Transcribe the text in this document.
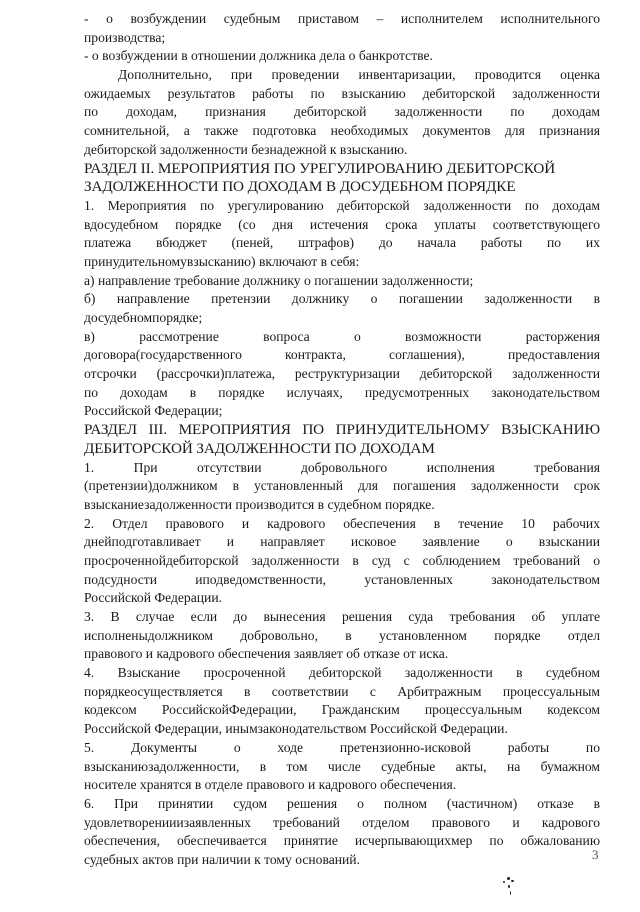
- о возбуждении судебным приставом – исполнителем исполнительного
производства;
- о возбуждении в отношении должника дела о банкротстве.
Дополнительно, при проведении инвентаризации, проводится оценка
ожидаемых результатов работы по взысканию дебиторской задолженности
по доходам, признания дебиторской задолженности по доходам
сомнительной, а также подготовка необходимых документов для признания
дебиторской задолженности безнадежной к взысканию.
РАЗДЕЛ II. МЕРОПРИЯТИЯ ПО УРЕГУЛИРОВАНИЮ ДЕБИТОРСКОЙ
ЗАДОЛЖЕННОСТИ ПО ДОХОДАМ В ДОСУДЕБНОМ ПОРЯДКЕ
1. Мероприятия по урегулированию дебиторской задолженности по доходам
вдосудебном порядке (со дня истечения срока уплаты соответствующего
платежа вбюджет (пеней, штрафов) до начала работы по их
принудительномувзысканию) включают в себя:
а) направление требование должнику о погашении задолженности;
б) направление претензии должнику о погашении задолженности в
досудебномпорядке;
в) рассмотрение вопроса о возможности расторжения
договора(государственного контракта, соглашения), предоставления
отсрочки (рассрочки)платежа, реструктуризации дебиторской задолженности
по доходам в порядке ислучаях, предусмотренных законодательством
Российской Федерации;
РАЗДЕЛ III. МЕРОПРИЯТИЯ ПО ПРИНУДИТЕЛЬНОМУ ВЗЫСКАНИЮ
ДЕБИТОРСКОЙ ЗАДОЛЖЕННОСТИ ПО ДОХОДАМ
1. При отсутствии добровольного исполнения требования
(претензии)должником в установленный для погашения задолженности срок
взысканиезадолженности производится в судебном порядке.
2. Отдел правового и кадрового обеспечения в течение 10 рабочих
днейподготавливает и направляет исковое заявление о взыскании
просроченнойдебиторской задолженности в суд с соблюдением требований о
подсудности иподведомственности, установленных законодательством
Российской Федерации.
3. В случае если до вынесения решения суда требования об уплате
исполненыдолжником добровольно, в установленном порядке отдел
правового и кадрового обеспечения заявляет об отказе от иска.
4. Взыскание просроченной дебиторской задолженности в судебном
порядкеосуществляется в соответствии с Арбитражным процессуальным
кодексом РоссийскойФедерации, Гражданским процессуальным кодексом
Российской Федерации, инымзаконодательством Российской Федерации.
5. Документы о ходе претензионно-исковой работы по
взысканиюзадолженности, в том числе судебные акты, на бумажном
носителе хранятся в отделе правового и кадрового обеспечения.
6. При принятии судом решения о полном (частичном) отказе в
удовлетворенииизаявленных требований отделом правового и кадрового
обеспечения, обеспечивается принятие исчерпывающихмер по обжалованию
судебных актов при наличии к тому оснований.	3
